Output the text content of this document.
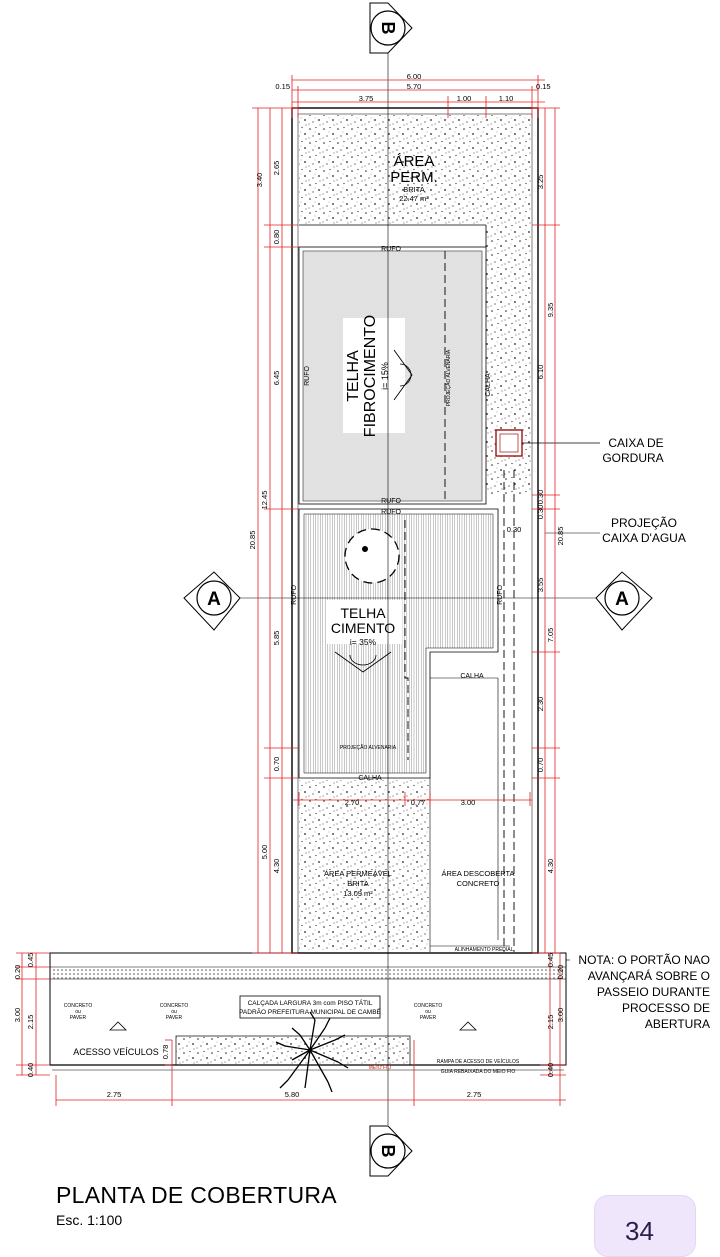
6.00
5.70
3.75	1.00	1.10
0.15	0.15
3.40
2.65
0.80
6.45
12.45
20.85
5.85
0.70
5.00
4.30
0.20
0.45
3.00 2.15
0.40
3.25
9.35
6.10
0.30
0.30
20.85
3.55
7.05
2.30
0.70
4.30
0.45
0.20
2.15 3.00
0.40
2.70	0.77	3.00
0.30
0.78
2.75	5.80	2.75
ÁREA
PERM.
BRITA
22.47 m²
TELHA FIBROCIMENTO i= 15%
TELHA
CIMENTO
i= 35%
ÁREA PERMEÁVEL
BRITA
13.09 m²
ÁREA DESCOBERTA
CONCRETO
RUFO
RUFO
RUFO
RUFO
RUFO	RUFO
CALHA
CALHA
CALHA
PROJEÇÃO ALVENARIA
PROJEÇÃO ALVENARIA
ALINHAMENTO PREDIAL
CONCRETO
ou
PAVER
CONCRETO
ou
PAVER
CONCRETO
ou
PAVER
ACESSO VEÍCULOS
RAMPA DE ACESSO DE VEÍCULOS
GUIA REBAIXADA DO MEIO FIO
MEIO FIO
CALÇADA LARGURA 3m com PISO TÁTIL
PADRÃO PREFEITURA MUNICIPAL DE CAMBÉ
CAIXA DE
GORDURA
PROJEÇÃO
CAIXA D'AGUA
NOTA: O PORTÃO NAO
AVANÇARÁ SOBRE O
PASSEIO DURANTE
PROCESSO DE
ABERTURA
B
B
A	A
PLANTA DE COBERTURA
Esc. 1:100	34
